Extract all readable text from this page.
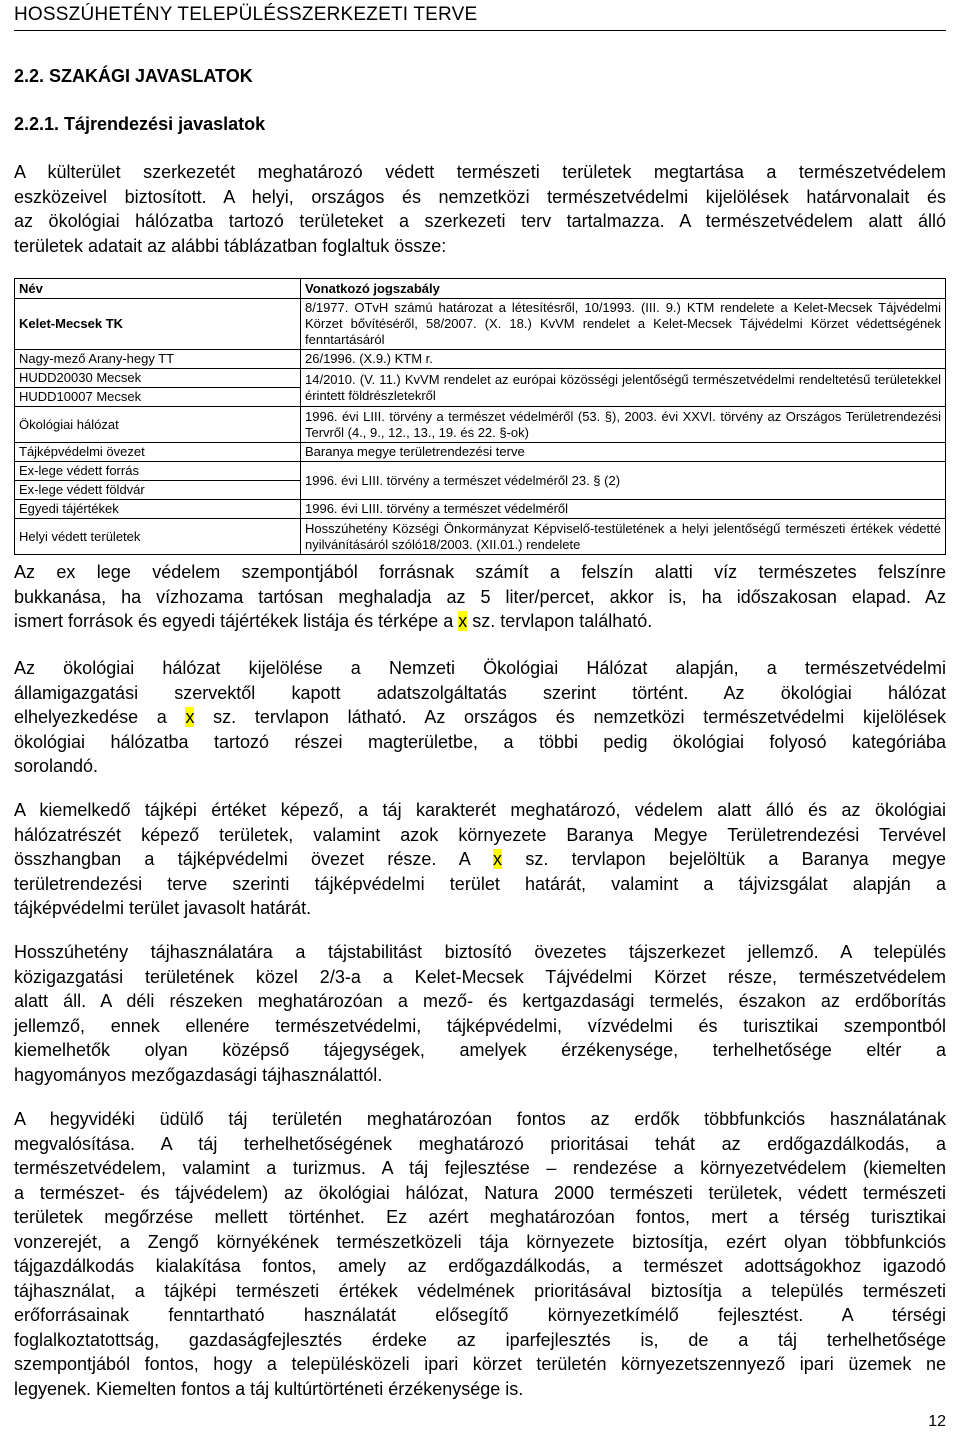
HOSSZÚHETÉNY TELEPÜLÉSSZERKEZETI TERVE
2.2. SZAKÁGI JAVASLATOK
2.2.1. Tájrendezési javaslatok
A külterület szerkezetét meghatározó védett természeti területek megtartása a természetvédelem
eszközeivel biztosított. A helyi, országos és nemzetközi természetvédelmi kijelölések határvonalait és
az ökológiai hálózatba tartozó területeket a szerkezeti terv tartalmazza. A természetvédelem alatt álló
területek adatait az alábbi táblázatban foglaltuk össze:
Név	Vonatkozó jogszabály
Kelet-Mecsek TK	8/1977. OTvH számú határozat a létesítésről, 10/1993. (III. 9.) KTM rendelete a Kelet-Mecsek Tájvédelmi Körzet bővítéséről, 58/2007. (X. 18.) KvVM rendelet a Kelet-Mecsek Tájvédelmi Körzet védettségének fenntartásáról
Nagy-mező Arany-hegy TT	26/1996. (X.9.) KTM r.
HUDD20030 Mecsek	14/2010. (V. 11.) KvVM rendelet az európai közösségi jelentőségű természetvédelmi rendeltetésű területekkel érintett földrészletekről
HUDD10007 Mecsek	
Ökológiai hálózat	1996. évi LIII. törvény a természet védelméről (53. §), 2003. évi XXVI. törvény az Országos Területrendezési Tervről (4., 9., 12., 13., 19. és 22. §-ok)
Tájképvédelmi övezet	Baranya megye területrendezési terve
Ex-lege védett forrás	1996. évi LIII. törvény a természet védelméről 23. § (2)
Ex-lege védett földvár	
Egyedi tájértékek	1996. évi LIII. törvény a természet védelméről
Helyi védett területek	Hosszúhetény Községi Önkormányzat Képviselő-testületének a helyi jelentőségű természeti értékek védetté nyilvánításáról szóló18/2003. (XII.01.) rendelete
Az ex lege védelem szempontjából forrásnak számít a felszín alatti víz természetes felszínre
bukkanása, ha vízhozama tartósan meghaladja az 5 liter/percet, akkor is, ha időszakosan elapad. Az
ismert források és egyedi tájértékek listája és térképe a x sz. tervlapon található.
Az ökológiai hálózat kijelölése a Nemzeti Ökológiai Hálózat alapján, a természetvédelmi
államigazgatási szervektől kapott adatszolgáltatás szerint történt. Az ökológiai hálózat
elhelyezkedése a x sz. tervlapon látható. Az országos és nemzetközi természetvédelmi kijelölések
ökológiai hálózatba tartozó részei magterületbe, a többi pedig ökológiai folyosó kategóriába
sorolandó.
A kiemelkedő tájképi értéket képező, a táj karakterét meghatározó, védelem alatt álló és az ökológiai
hálózatrészét képező területek, valamint azok környezete Baranya Megye Területrendezési Tervével
összhangban a tájképvédelmi övezet része. A x sz. tervlapon bejelöltük a Baranya megye
területrendezési terve szerinti tájképvédelmi terület határát, valamint a tájvizsgálat alapján a
tájképvédelmi terület javasolt határát.
Hosszúhetény tájhasználatára a tájstabilitást biztosító övezetes tájszerkezet jellemző. A település
közigazgatási területének közel 2/3-a a Kelet-Mecsek Tájvédelmi Körzet része, természetvédelem
alatt áll. A déli részeken meghatározóan a mező- és kertgazdasági termelés, északon az erdőborítás
jellemző, ennek ellenére természetvédelmi, tájképvédelmi, vízvédelmi és turisztikai szempontból
kiemelhetők olyan középső tájegységek, amelyek érzékenysége, terhelhetősége eltér a
hagyományos mezőgazdasági tájhasználattól.
A hegyvidéki üdülő táj területén meghatározóan fontos az erdők többfunkciós használatának
megvalósítása. A táj terhelhetőségének meghatározó prioritásai tehát az erdőgazdálkodás, a
természetvédelem, valamint a turizmus. A táj fejlesztése – rendezése a környezetvédelem (kiemelten
a természet- és tájvédelem) az ökológiai hálózat, Natura 2000 természeti területek, védett természeti
területek megőrzése mellett történhet. Ez azért meghatározóan fontos, mert a térség turisztikai
vonzerejét, a Zengő környékének természetközeli tája környezete biztosítja, ezért olyan többfunkciós
tájgazdálkodás kialakítása fontos, amely az erdőgazdálkodás, a természet adottságokhoz igazodó
tájhasználat, a tájképi természeti értékek védelmének prioritásával biztosítja a település természeti
erőforrásainak fenntartható használatát elősegítő környezetkímélő fejlesztést. A térségi
foglalkoztatottság, gazdaságfejlesztés érdeke az iparfejlesztés is, de a táj terhelhetősége
szempontjából fontos, hogy a településközeli ipari körzet területén környezetszennyező ipari üzemek ne
legyenek. Kiemelten fontos a táj kultúrtörténeti érzékenysége is.
12
